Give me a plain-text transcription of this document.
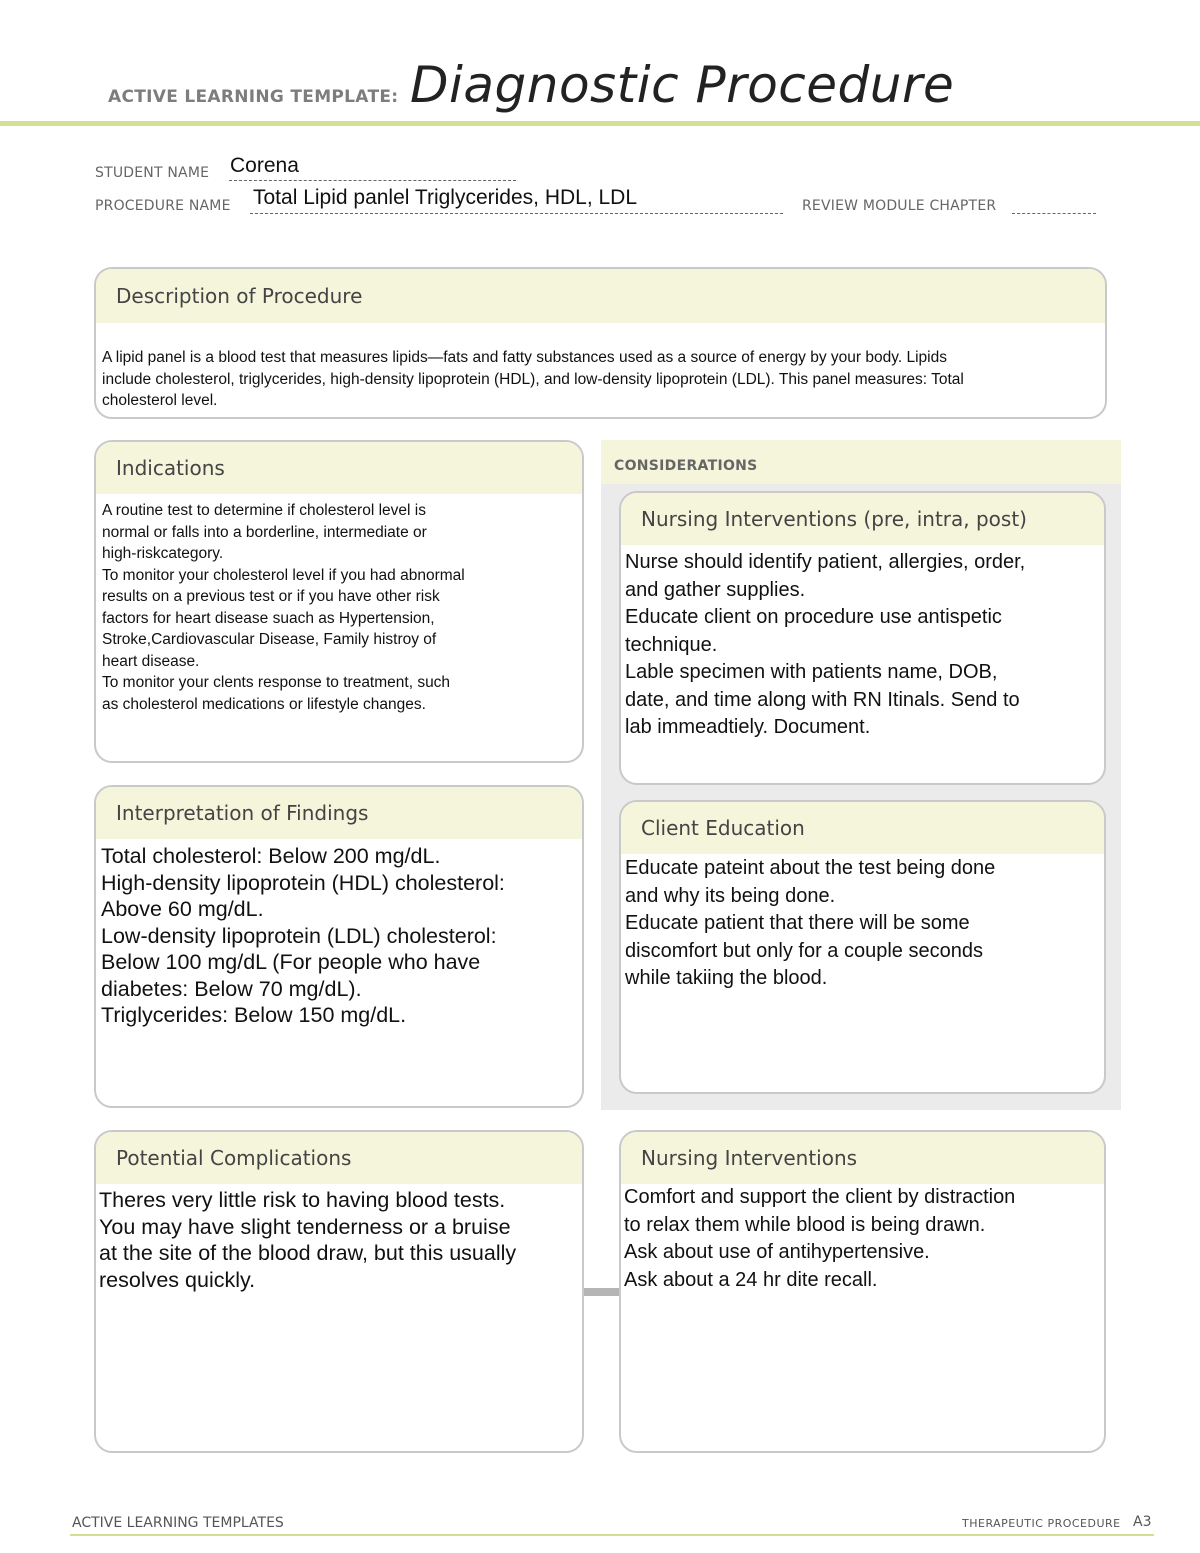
ACTIVE LEARNING TEMPLATE: Diagnostic Procedure
STUDENT NAME Corena
PROCEDURE NAME Total Lipid panlel Triglycerides, HDL, LDL	REVIEW MODULE CHAPTER
Description of Procedure
A lipid panel is a blood test that measures lipids—fats and fatty substances used as a source of energy by your body. Lipids
include cholesterol, triglycerides, high-density lipoprotein (HDL), and low-density lipoprotein (LDL). This panel measures: Total
cholesterol level.
CONSIDERATIONS
Indications
A routine test to determine if cholesterol level is
normal or falls into a borderline, intermediate or
high-riskcategory.
To monitor your cholesterol level if you had abnormal
results on a previous test or if you have other risk
factors for heart disease suach as Hypertension,
Stroke,Cardiovascular Disease, Family histroy of
heart disease.
To monitor your clents response to treatment, such
as cholesterol medications or lifestyle changes.
Nursing Interventions (pre, intra, post)
Nurse should identify patient, allergies, order,
and gather supplies.
Educate client on procedure use antispetic
technique.
Lable specimen with patients name, DOB,
date, and time along with RN Itinals. Send to
lab immeadtiely. Document.
Interpretation of Findings
Total cholesterol: Below 200 mg/dL.
High-density lipoprotein (HDL) cholesterol:
Above 60 mg/dL.
Low-density lipoprotein (LDL) cholesterol:
Below 100 mg/dL (For people who have
diabetes: Below 70 mg/dL).
Triglycerides: Below 150 mg/dL.
Client Education
Educate pateint about the test being done
and why its being done.
Educate patient that there will be some
discomfort but only for a couple seconds
while takiing the blood.
Potential Complications
Theres very little risk to having blood tests.
You may have slight tenderness or a bruise
at the site of the blood draw, but this usually
resolves quickly.
Nursing Interventions
Comfort and support the client by distraction
to relax them while blood is being drawn.
Ask about use of antihypertensive.
Ask about a 24 hr dite recall.
ACTIVE LEARNING TEMPLATES	THERAPEUTIC PROCEDURE A3
